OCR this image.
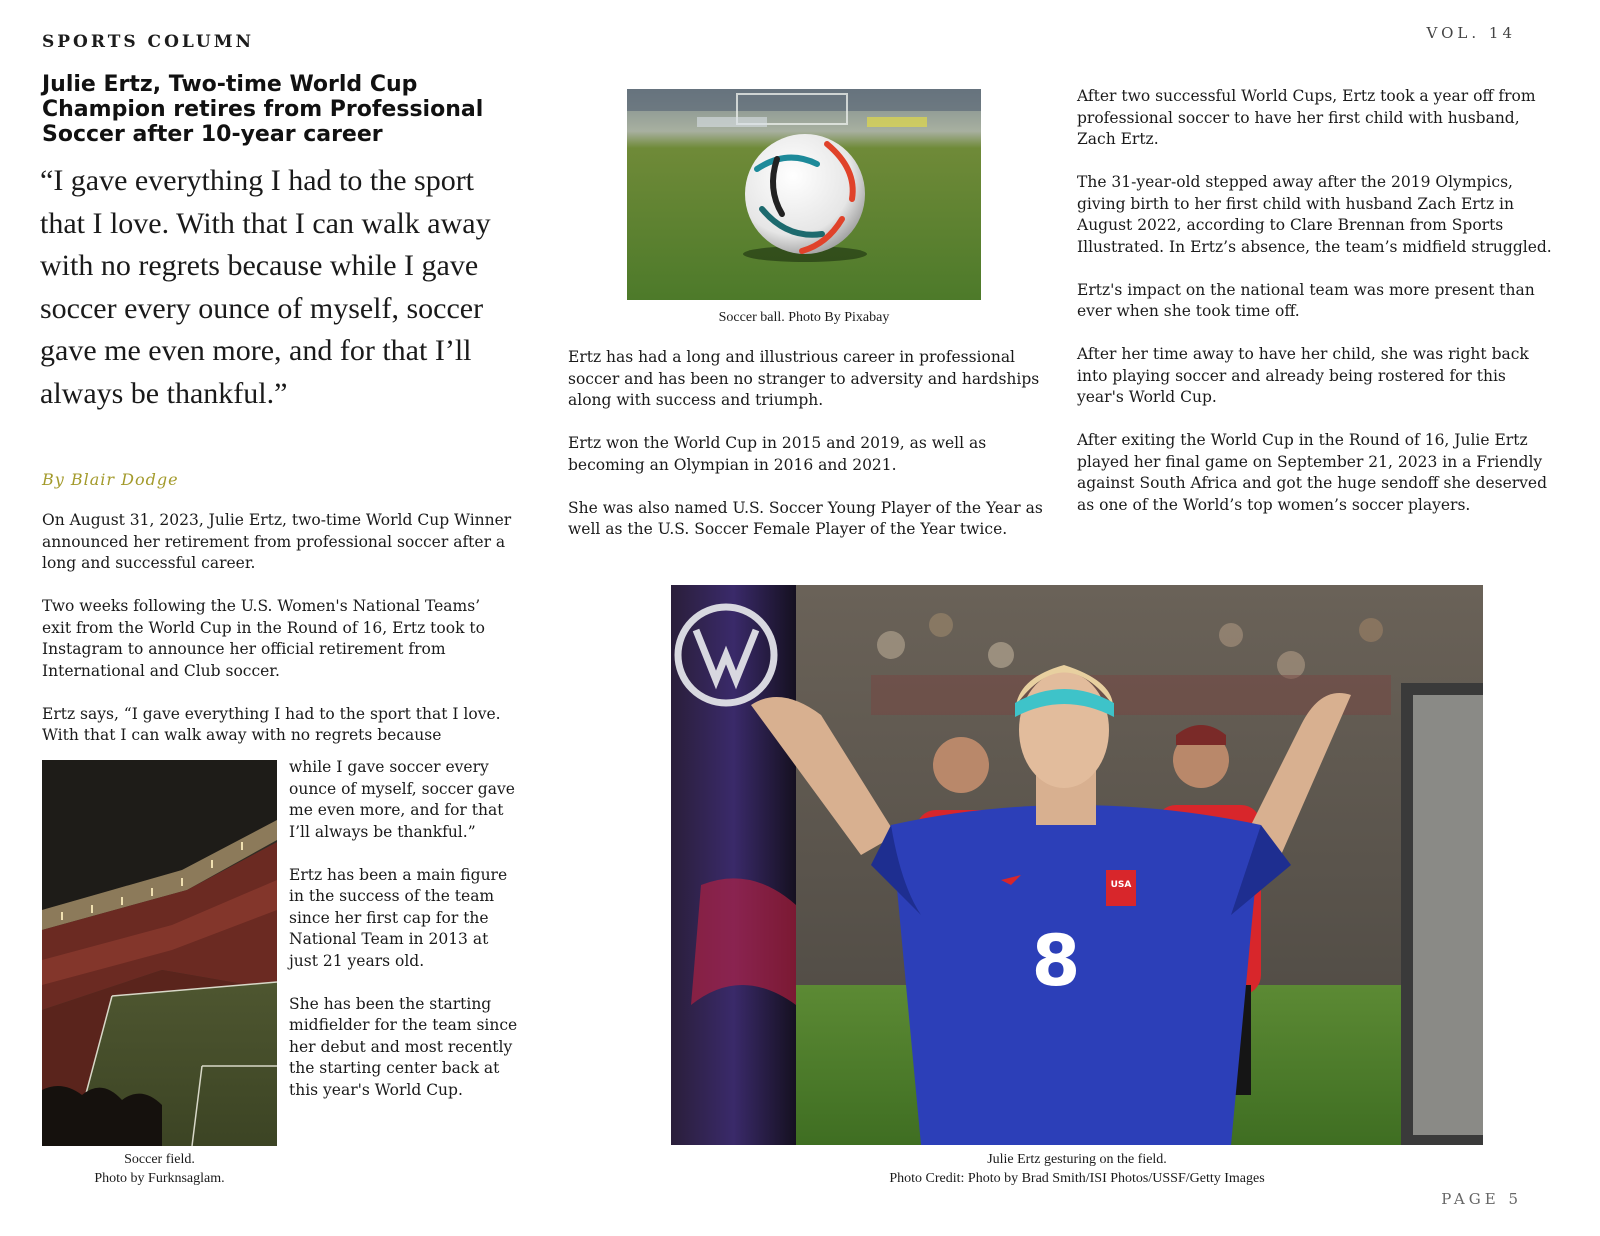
SPORTS COLUMN	VOL. 14
Julie Ertz, Two-time World Cup Champion retires from Professional Soccer after 10-year career
“I gave everything I had to the sport that I love. With that I can walk away with no regrets because while I gave soccer every ounce of myself, soccer gave me even more, and for that I’ll always be thankful.”
By Blair Dodge

On August 31, 2023, Julie Ertz, two-time World Cup Winner announced her retirement from professional soccer after a long and successful career.

Two weeks following the U.S. Women's National Teams’ exit from the World Cup in the Round of 16, Ertz took to Instagram to announce her official retirement from International and Club soccer.

Ertz says, “I gave everything I had to the sport that I love. With that I can walk away with no regrets because

while I gave soccer every ounce of myself, soccer gave me even more, and for that I’ll always be thankful.”

Ertz has been a main figure in the success of the team since her first cap for the National Team in 2013 at just 21 years old.

She has been the starting midfielder for the team since her debut and most recently the starting center back at this year's World Cup.

Soccer field.
Photo by Furknsaglam.
Soccer ball. Photo By Pixabay

Ertz has had a long and illustrious career in professional soccer and has been no stranger to adversity and hardships along with success and triumph.

Ertz won the World Cup in 2015 and 2019, as well as becoming an Olympian in 2016 and 2021.

She was also named U.S. Soccer Young Player of the Year as well as the U.S. Soccer Female Player of the Year twice.

After two successful World Cups, Ertz took a year off from professional soccer to have her first child with husband, Zach Ertz.

The 31-year-old stepped away after the 2019 Olympics, giving birth to her first child with husband Zach Ertz in August 2022, according to Clare Brennan from Sports Illustrated. In Ertz’s absence, the team’s midfield struggled.

Ertz's impact on the national team was more present than ever when she took time off.

After her time away to have her child, she was right back into playing soccer and already being rostered for this year's World Cup.

After exiting the World Cup in the Round of 16, Julie Ertz played her final game on September 21, 2023 in a Friendly against South Africa and got the huge sendoff she deserved as one of the World’s top women’s soccer players.

USA
8
Julie Ertz gesturing on the field.
Photo Credit: Photo by Brad Smith/ISI Photos/USSF/Getty Images
PAGE 5
